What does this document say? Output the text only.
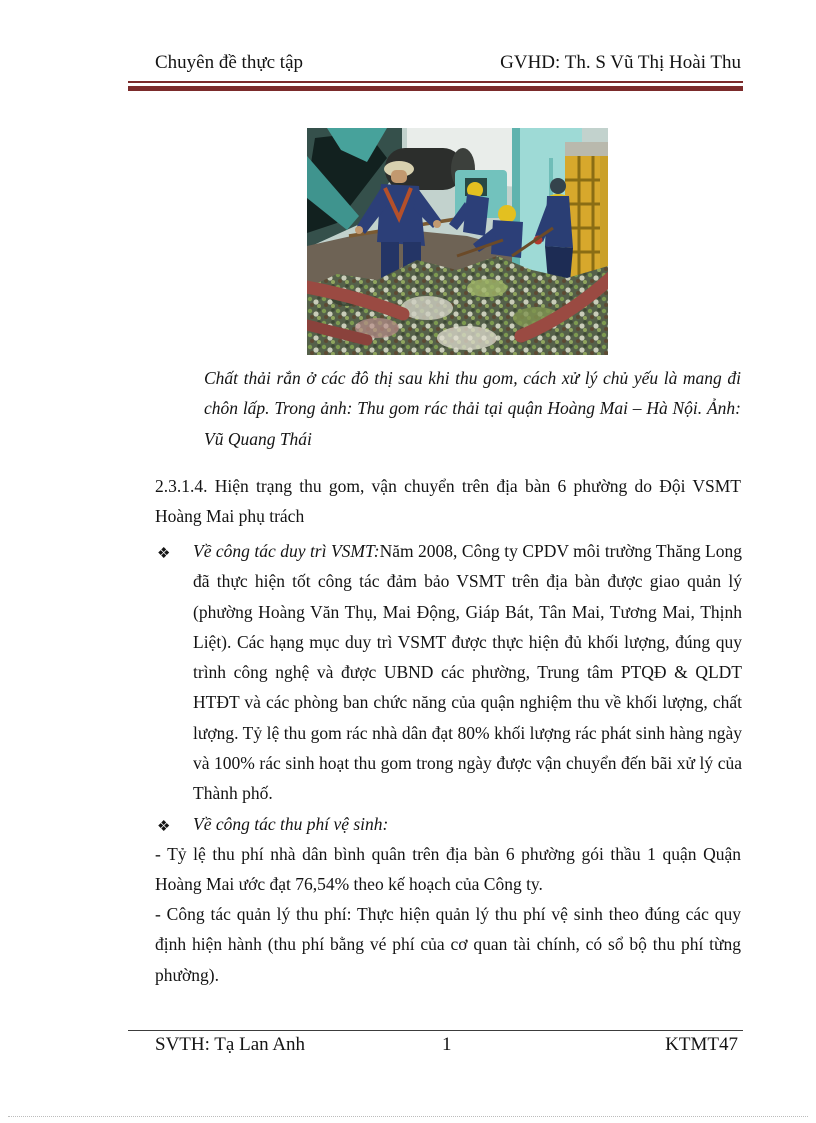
Chuyên đề thực tập	GVHD: Th. S Vũ Thị Hoài Thu
Chất thải rắn ở các đô thị sau khi thu gom, cách xử lý chủ yếu là mang đi chôn lấp. Trong ảnh: Thu gom rác thải tại quận Hoàng Mai – Hà Nội. Ảnh: Vũ Quang Thái
2.3.1.4. Hiện trạng thu gom, vận chuyển trên địa bàn 6 phường do Đội VSMT Hoàng Mai phụ trách
❖ Về công tác duy trì VSMT:Năm 2008, Công ty CPDV môi trường Thăng Long đã thực hiện tốt công tác đảm bảo VSMT trên địa bàn được giao quản lý (phường Hoàng Văn Thụ, Mai Động, Giáp Bát, Tân Mai, Tương Mai, Thịnh Liệt). Các hạng mục duy trì VSMT được thực hiện đủ khối lượng, đúng quy trình công nghệ và được UBND các phường, Trung tâm PTQĐ & QLDT HTĐT và các phòng ban chức năng của quận nghiệm thu về khối lượng, chất lượng. Tỷ lệ thu gom rác nhà dân đạt 80% khối lượng rác phát sinh hàng ngày và 100% rác sinh hoạt thu gom trong ngày được vận chuyển đến bãi xử lý của Thành phố.
❖ Về công tác thu phí vệ sinh:
- Tỷ lệ thu phí nhà dân bình quân trên địa bàn 6 phường gói thầu 1 quận Quận Hoàng Mai ước đạt 76,54% theo kế hoạch của Công ty.
- Công tác quản lý thu phí: Thực hiện quản lý thu phí vệ sinh theo đúng các quy định hiện hành (thu phí bằng vé phí của cơ quan tài chính, có sổ bộ thu phí từng phường).
SVTH: Tạ Lan Anh	1	KTMT47
